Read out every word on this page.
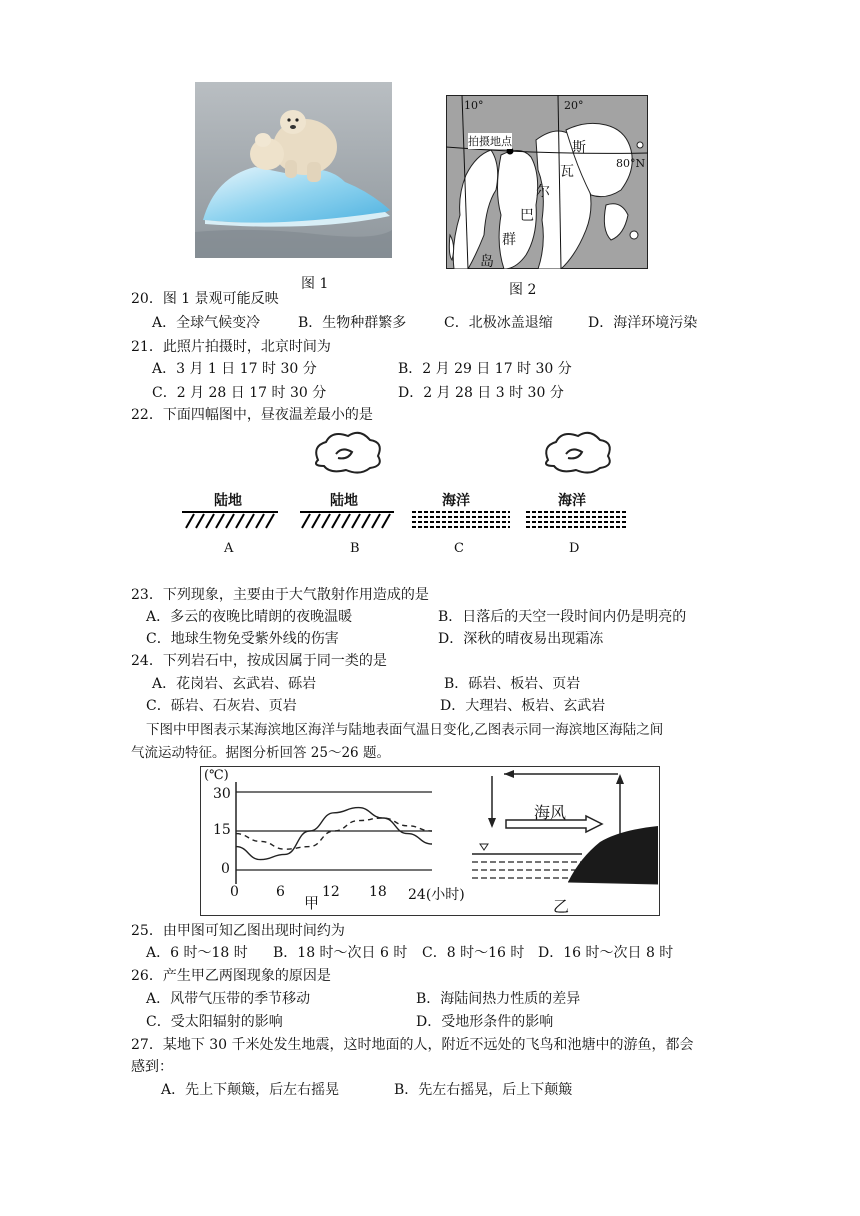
图 1
10°	20°
80°N
拍摄地点	斯
瓦
尔
巴
群
岛
图 2
20．图 1 景观可能反映
A．全球气候变冷	B．生物种群繁多	C．北极冰盖退缩	D．海洋环境污染
21．此照片拍摄时，北京时间为
A．3 月 1 日 17 时 30 分	B．2 月 29 日 17 时 30 分
C．2 月 28 日 17 时 30 分	D．2 月 28 日 3 时 30 分
22．下面四幅图中，昼夜温差最小的是
陆地	陆地	海洋	海洋
A	B	C	D
23．下列现象，主要由于大气散射作用造成的是
A．多云的夜晚比晴朗的夜晚温暖	B．日落后的天空一段时间内仍是明亮的
C．地球生物免受紫外线的伤害	D．深秋的晴夜易出现霜冻
24．下列岩石中，按成因属于同一类的是
A．花岗岩、玄武岩、砾岩	B．砾岩、板岩、页岩
C．砾岩、石灰岩、页岩	D．大理岩、板岩、玄武岩
下图中甲图表示某海滨地区海洋与陆地表面气温日变化,乙图表示同一海滨地区海陆之间
气流运动特征。据图分析回答 25～26 题。
(℃)
30
15
0
0	6	12 18 24(小时)
甲
海风
乙
25．由甲图可知乙图出现时间约为
A．6 时～18 时 B．18 时～次日 6 时 C．8 时～16 时 D．16 时～次日 8 时
26．产生甲乙两图现象的原因是
A．风带气压带的季节移动	B．海陆间热力性质的差异
C．受太阳辐射的影响	D．受地形条件的影响
27．某地下 30 千米处发生地震，这时地面的人，附近不远处的飞鸟和池塘中的游鱼，都会
感到：
A．先上下颠簸，后左右摇晃	B．先左右摇晃，后上下颠簸
